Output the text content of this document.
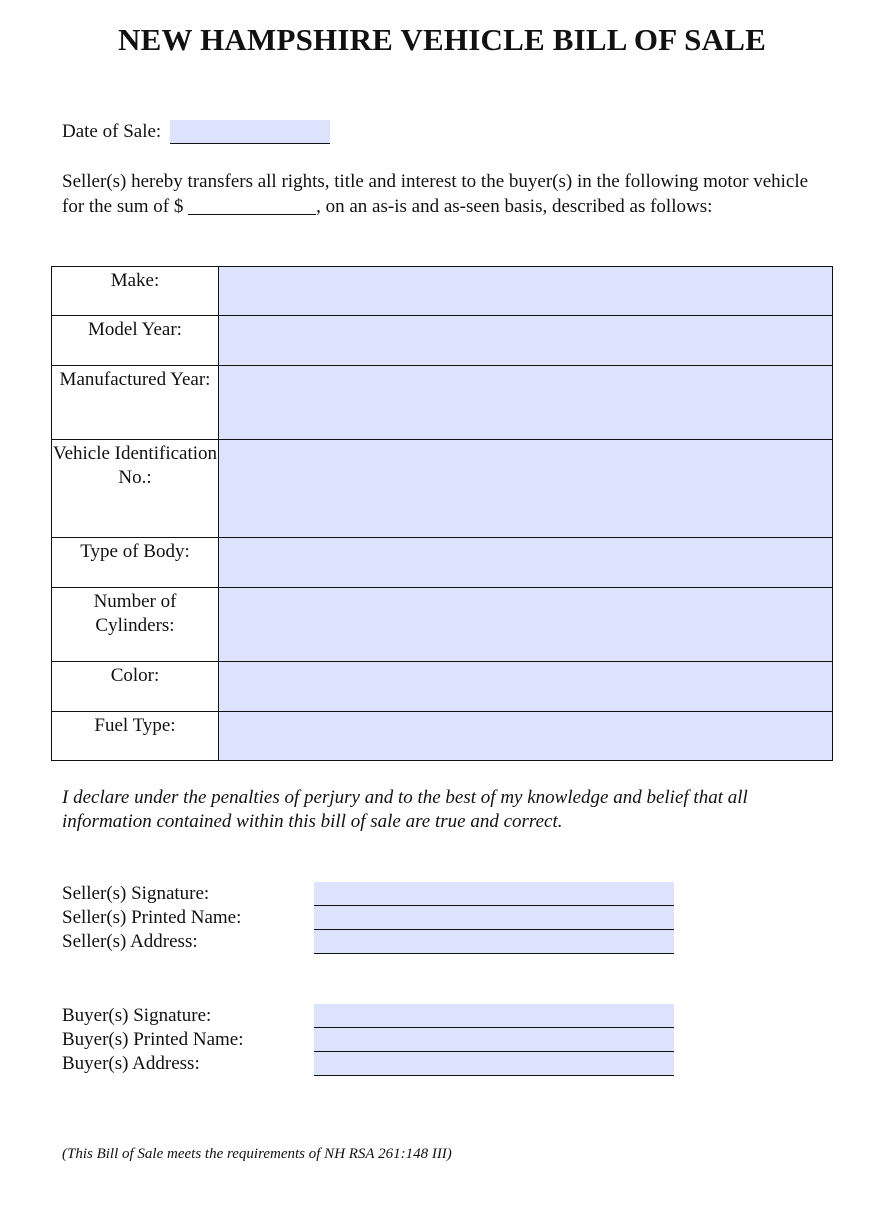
NEW HAMPSHIRE VEHICLE BILL OF SALE
Date of Sale:
Seller(s) hereby transfers all rights, title and interest to the buyer(s) in the following motor vehicle for the sum of $	, on an as-is and as-seen basis, described as follows:
Make:	
Model Year:	
Manufactured Year:	
Vehicle Identification No.:	
Type of Body:	
Number of Cylinders:	
Color:	
Fuel Type:	
I declare under the penalties of perjury and to the best of my knowledge and belief that all information contained within this bill of sale are true and correct.
Seller(s) Signature:
Seller(s) Printed Name:
Seller(s) Address:
Buyer(s) Signature:
Buyer(s) Printed Name:
Buyer(s) Address:
(This Bill of Sale meets the requirements of NH RSA 261:148 III)
